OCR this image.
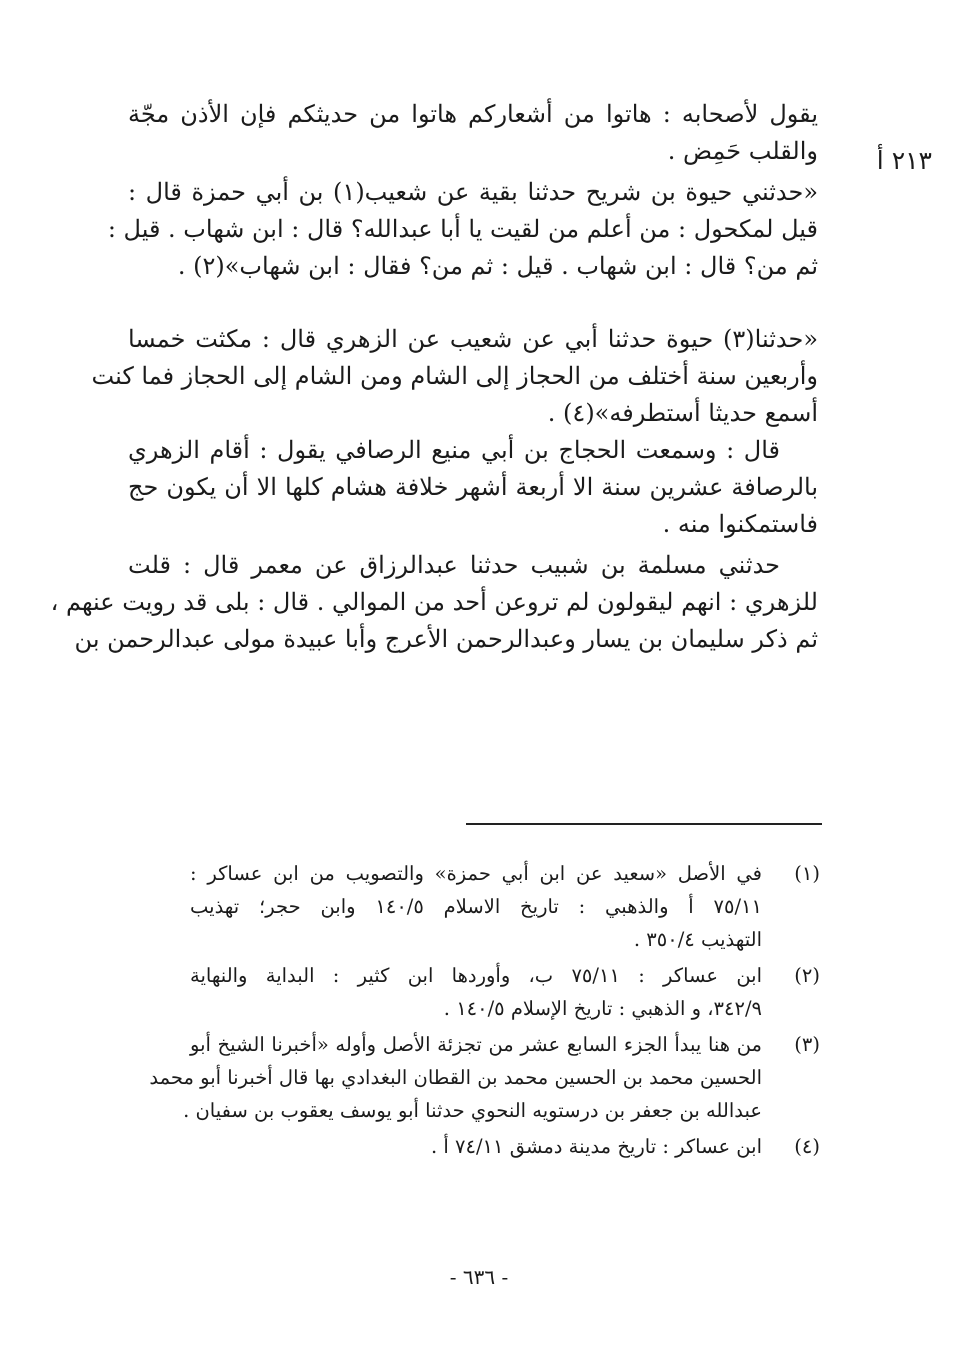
٢١٣ أ
يقول لأصحابه : هاتوا من أشعاركم هاتوا من حديثكم فإن الأذن مجّة
والقلب حَمِض .
«حدثني حيوة بن شريح حدثنا بقية عن شعيب(١) بن أبي حمزة قال :
قيل لمكحول : من أعلم من لقيت يا أبا عبدالله؟ قال : ابن شهاب . قيل :
ثم من؟ قال : ابن شهاب . قيل : ثم من؟ فقال : ابن شهاب»(٢) .
«حدثنا(٣) حيوة حدثنا أبي عن شعيب عن الزهري قال : مكثت خمسا
وأربعين سنة أختلف من الحجاز إلى الشام ومن الشام إلى الحجاز فما كنت
أسمع حديثا أستطرفه»(٤) .
قال : وسمعت الحجاج بن أبي منيع الرصافي يقول : أقام الزهري
بالرصافة عشرين سنة الا أربعة أشهر خلافة هشام كلها الا أن يكون حج
فاستمكنوا منه .
حدثني مسلمة بن شبيب حدثنا عبدالرزاق عن معمر قال : قلت
للزهري : انهم ليقولون لم تروعن أحد من الموالي . قال : بلى قد رويت عنهم ،
ثم ذكر سليمان بن يسار وعبدالرحمن الأعرج وأبا عبيدة مولى عبدالرحمن بن
(١)
في الأصل «سعيد عن ابن أبي حمزة» والتصويب من ابن عساكر :
٧٥/١١ أ والذهبي : تاريخ الاسلام ١٤٠/٥ وابن حجر؛ تهذيب
التهذيب ٣٥٠/٤ .
(٢)
ابن عساكر : ٧٥/١١ ب، وأوردها ابن كثير : البداية والنهاية
٣٤٢/٩، و الذهبي : تاريخ الإسلام ١٤٠/٥ .
(٣)
من هنا يبدأ الجزء السابع عشر من تجزئة الأصل وأوله «أخبرنا الشيخ أبو
الحسين محمد بن الحسين محمد بن القطان البغدادي بها قال أخبرنا أبو محمد
عبدالله بن جعفر بن درستويه النحوي حدثنا أبو يوسف يعقوب بن سفيان .
(٤)
ابن عساكر : تاريخ مدينة دمشق ٧٤/١١ أ .
- ٦٣٦ -
